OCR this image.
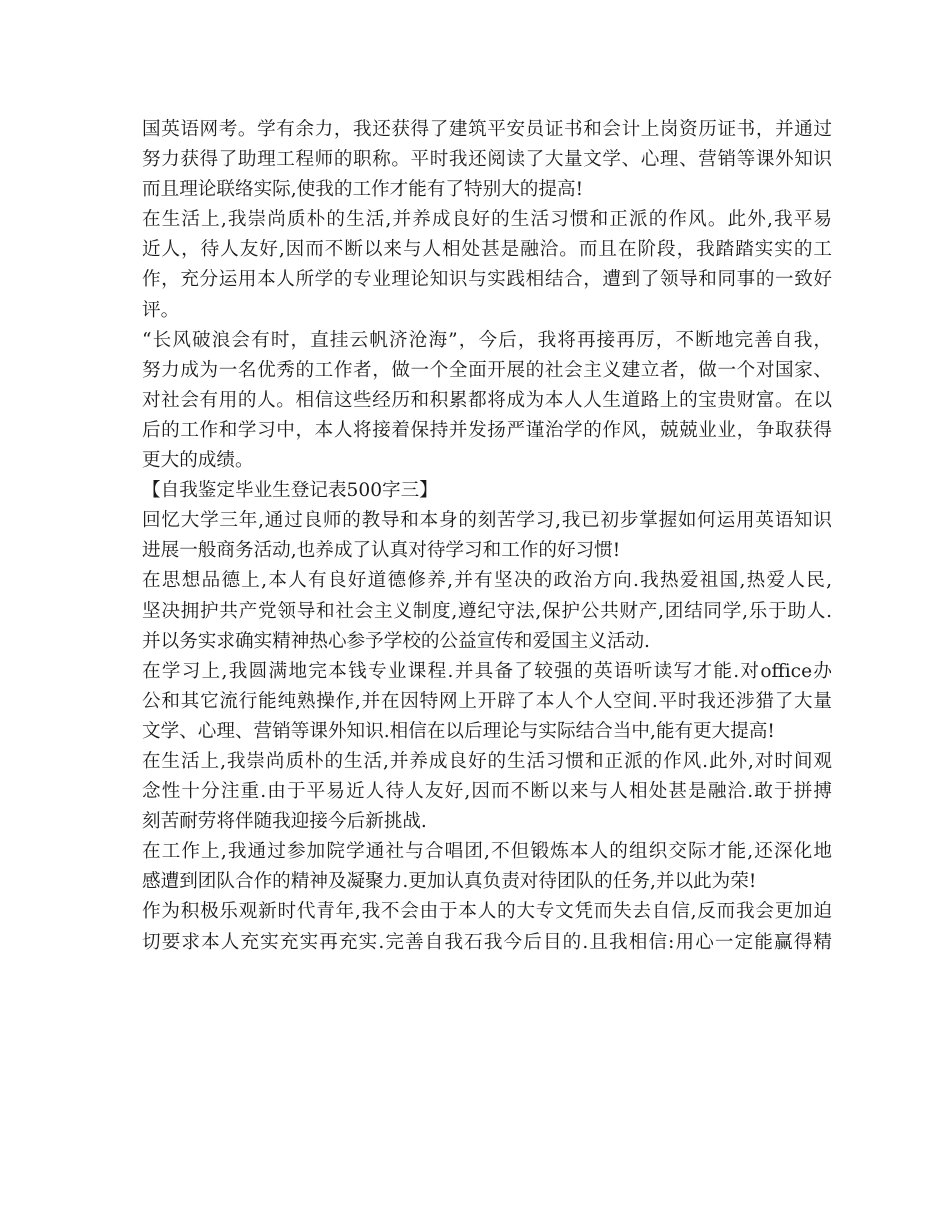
国英语网考。学有余力，我还获得了建筑平安员证书和会计上岗资历证书，并通过
努力获得了助理工程师的职称。平时我还阅读了大量文学、心理、营销等课外知识
而且理论联络实际,使我的工作才能有了特别大的提高!
在生活上,我崇尚质朴的生活,并养成良好的生活习惯和正派的作风。此外,我平易
近人，待人友好,因而不断以来与人相处甚是融洽。而且在阶段，我踏踏实实的工
作，充分运用本人所学的专业理论知识与实践相结合，遭到了领导和同事的一致好
评。
“长风破浪会有时，直挂云帆济沧海”，今后，我将再接再厉，不断地完善自我，
努力成为一名优秀的工作者，做一个全面开展的社会主义建立者，做一个对国家、
对社会有用的人。相信这些经历和积累都将成为本人人生道路上的宝贵财富。在以
后的工作和学习中，本人将接着保持并发扬严谨治学的作风，兢兢业业，争取获得
更大的成绩。
【自我鉴定毕业生登记表500字三】
回忆大学三年,通过良师的教导和本身的刻苦学习,我已初步掌握如何运用英语知识
进展一般商务活动,也养成了认真对待学习和工作的好习惯!
在思想品德上,本人有良好道德修养,并有坚决的政治方向.我热爱祖国,热爱人民,
坚决拥护共产党领导和社会主义制度,遵纪守法,保护公共财产,团结同学,乐于助人.
并以务实求确实精神热心参予学校的公益宣传和爱国主义活动.
在学习上,我圆满地完本钱专业课程.并具备了较强的英语听读写才能.对office办
公和其它流行能纯熟操作,并在因特网上开辟了本人个人空间.平时我还涉猎了大量
文学、心理、营销等课外知识.相信在以后理论与实际结合当中,能有更大提高!
在生活上,我崇尚质朴的生活,并养成良好的生活习惯和正派的作风.此外,对时间观
念性十分注重.由于平易近人待人友好,因而不断以来与人相处甚是融洽.敢于拼搏
刻苦耐劳将伴随我迎接今后新挑战.
在工作上,我通过参加院学通社与合唱团,不但锻炼本人的组织交际才能,还深化地
感遭到团队合作的精神及凝聚力.更加认真负责对待团队的任务,并以此为荣!
作为积极乐观新时代青年,我不会由于本人的大专文凭而失去自信,反而我会更加迫
切要求本人充实充实再充实.完善自我石我今后目的.且我相信:用心一定能赢得精
